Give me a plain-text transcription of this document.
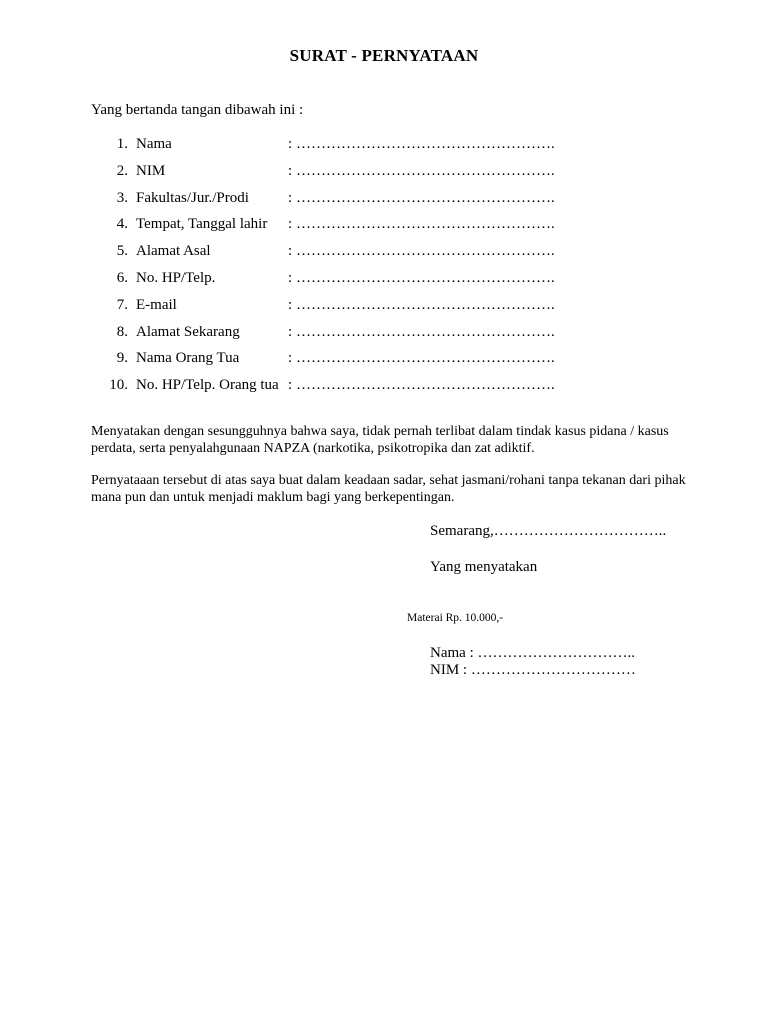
SURAT - PERNYATAAN
Yang bertanda tangan dibawah ini :
1. Nama	: …………………………………………….
2. NIM	: …………………………………………….
3. Fakultas/Jur./Prodi	: …………………………………………….
4. Tempat, Tanggal lahir : …………………………………………….
5. Alamat Asal	: …………………………………………….
6. No. HP/Telp.	: …………………………………………….
7. E-mail	: …………………………………………….
8. Alamat Sekarang	: …………………………………………….
9. Nama Orang Tua	: …………………………………………….
10. No. HP/Telp. Orang tua : …………………………………………….
Menyatakan dengan sesungguhnya bahwa saya, tidak pernah terlibat dalam tindak kasus pidana / kasus perdata, serta penyalahgunaan NAPZA (narkotika, psikotropika dan zat adiktif.
Pernyataaan tersebut di atas saya buat dalam keadaan sadar, sehat jasmani/rohani tanpa tekanan dari pihak mana pun dan untuk menjadi maklum bagi yang berkepentingan.
Semarang,……………………………..
Yang menyatakan
Materai Rp. 10.000,-
Nama : …………………………..
NIM : ……………………………
